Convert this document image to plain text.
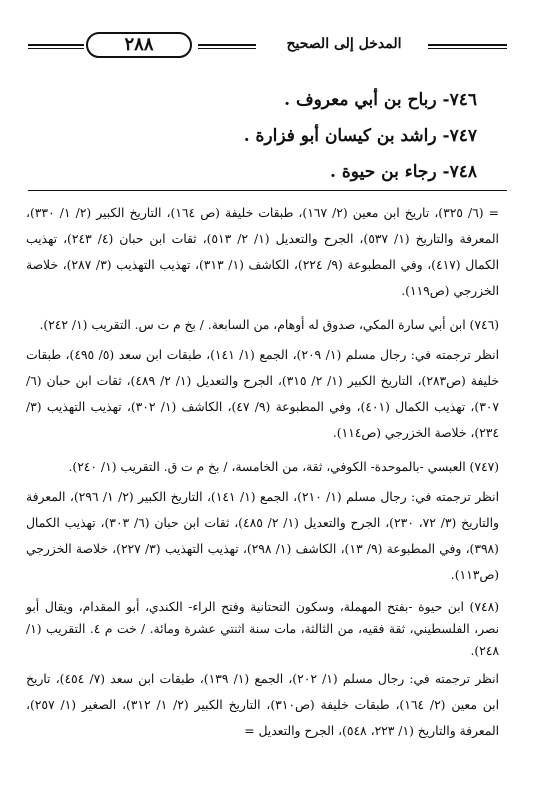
٢٨٨	المدخل إلى الصحيح
٧٤٦- رباح بن أبي معروف .
٧٤٧- راشد بن كيسان أبو فزارة .
٧٤٨- رجاء بن حيوة .

= (٦/ ٣٢٥)، تاريخ ابن معين (٢/ ١٦٧)، طبقات خليفة (ص ١٦٤)، التاريخ الكبير (٢/ ١/ ٣٣٠)، المعرفة والتاريخ (١/ ٥٣٧)، الجرح والتعديل (١/ ٢/ ٥١٣)، ثقات ابن حبان (٤/ ٢٤٣)، تهذيب الكمال (٤١٧)، وفي المطبوعة (٩/ ٢٢٤)، الكاشف (١/ ٣١٣)، تهذيب التهذيب (٣/ ٢٨٧)، خلاصة الخزرجي (ص١١٩).

(٧٤٦) ابن أبي سارة المكي، صدوق له أوهام، من السابعة. / بخ م ت س. التقريب (١/ ٢٤٢).

انظر ترجمته في: رجال مسلم (١/ ٢٠٩)، الجمع (١/ ١٤١)، طبقات ابن سعد (٥/ ٤٩٥)، طبقات خليفة (ص٢٨٣)، التاريخ الكبير (١/ ٢/ ٣١٥)، الجرح والتعديل (١/ ٢/ ٤٨٩)، ثقات ابن حبان (٦/ ٣٠٧)، تهذيب الكمال (٤٠١)، وفي المطبوعة (٩/ ٤٧)، الكاشف (١/ ٣٠٢)، تهذيب التهذيب (٣/ ٢٣٤)، خلاصة الخزرجي (ص١١٤).

(٧٤٧) العبسي -بالموحدة- الكوفي، ثقة، من الخامسة، / بخ م ت ق. التقريب (١/ ٢٤٠).

انظر ترجمته في: رجال مسلم (١/ ٢١٠)، الجمع (١/ ١٤١)، التاريخ الكبير (٢/ ١/ ٢٩٦)، المعرفة والتاريخ (٣/ ٧٢، ٢٣٠)، الجرح والتعديل (١/ ٢/ ٤٨٥)، ثقات ابن حبان (٦/ ٣٠٣)، تهذيب الكمال (٣٩٨)، وفي المطبوعة (٩/ ١٣)، الكاشف (١/ ٢٩٨)، تهذيب التهذيب (٣/ ٢٢٧)، خلاصة الخزرجي (ص١١٣).

(٧٤٨) ابن حيوة -بفتح المهملة، وسكون التحتانية وفتح الراء- الكندي، أبو المقدام، ويقال أبو نصر، الفلسطيني، ثقة فقيه، من الثالثة، مات سنة اثنتي عشرة ومائة. / خت م ٤. التقريب (١/ ٢٤٨).

انظر ترجمته في: رجال مسلم (١/ ٢٠٢)، الجمع (١/ ١٣٩)، طبقات ابن سعد (٧/ ٤٥٤)، تاريخ ابن معين (٢/ ١٦٤)، طبقات خليفة (ص٣١٠)، التاريخ الكبير (٢/ ١/ ٣١٢)، الصغير (١/ ٢٥٧)، المعرفة والتاريخ (١/ ٢٢٣، ٥٤٨)، الجرح والتعديل =
